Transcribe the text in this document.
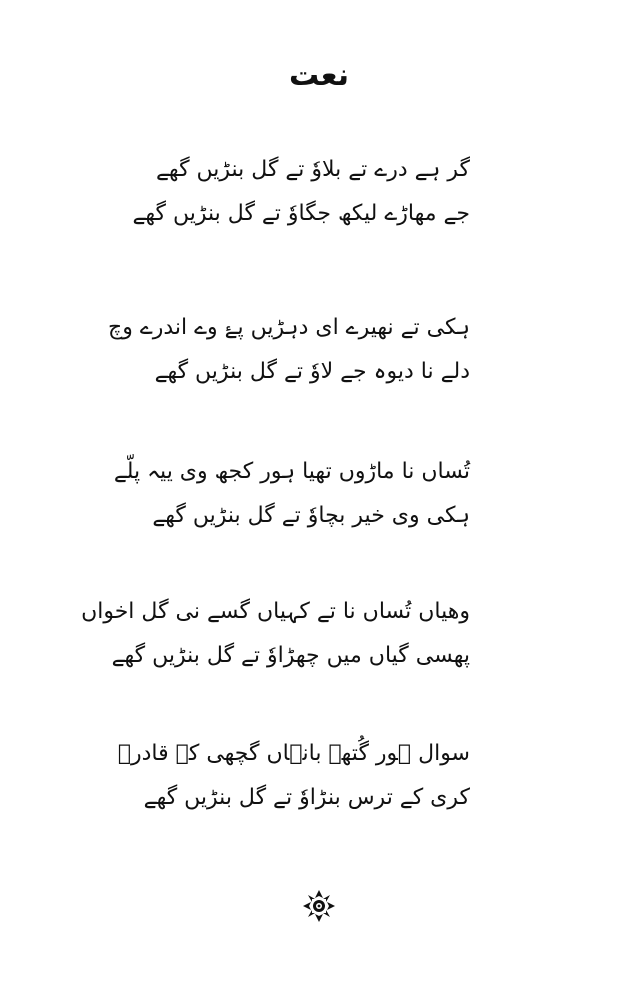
نعت
گر ہے درے تے بلاوٗ تے گل بنڑیں گھے
جے مھاڑے لیکھ جگاوٗ تے گل بنڑیں گھے
ہکی تے نھیرے ای دہڑیں پۓ وے اندرے وچ
دلے نا دیوہ جے لاوٗ تے گل بنڑیں گھے
تُساں نا ماڑوں تھیا ہور کجھ وی ییہ پلّے
ہکی وی خیر بچاوٗ تے گل بنڑیں گھے
وھیاں تُساں نا تے کہیاں گسے نی گل اخواں
پھسی گیاں میں چھڑاوٗ تے گل بنڑیں گھے
سوال ہور گُتھے بانہاں گچھی کے قادرؔ
کری کے ترس بنڑاوٗ تے گل بنڑیں گھے
